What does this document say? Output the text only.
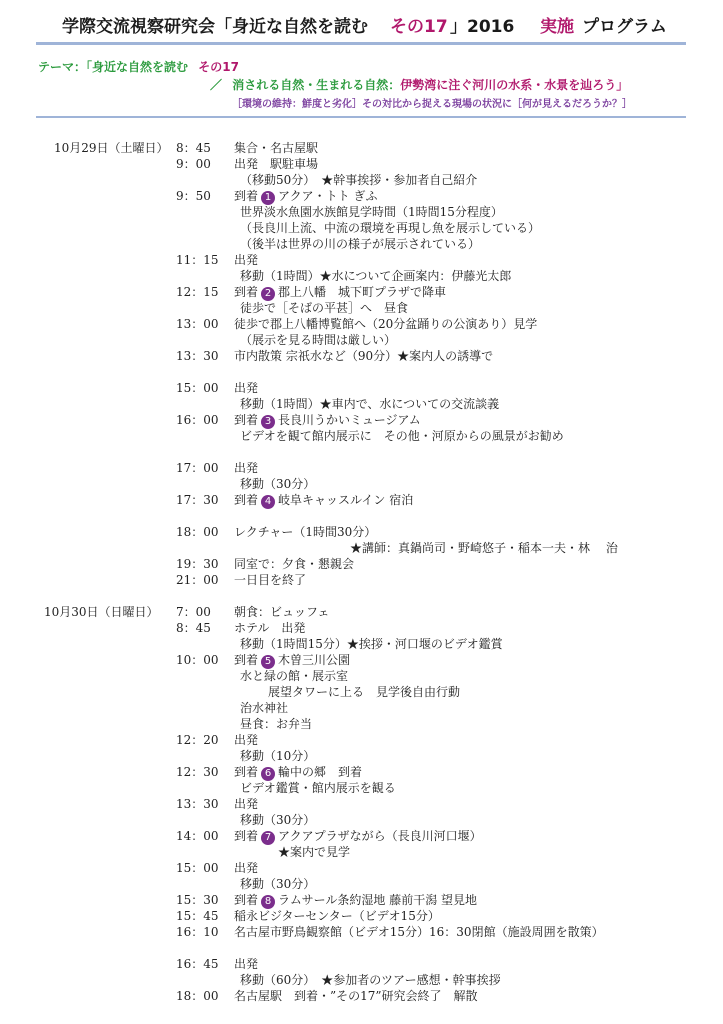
学際交流視察研究会「身近な自然を読む その17 」2016 実施 プログラム
テーマ：「身近な自然を読む その17
／ 消される自然・生まれる自然：伊勢湾に注ぐ河川の水系・水景を辿ろう」
［環境の維持：鮮度と劣化］その対比から捉える現場の状況に［何が見えるだろうか？］
10月29日（土曜日） 8：45 集合・名古屋駅
9：00 出発　駅駐車場
（移動50分）　★幹事挨拶・参加者自己紹介
9：50 到着 1 アクア・トト ぎふ
世界淡水魚園水族館見学時間（1時間15分程度）
（長良川上流、中流の環境を再現し魚を展示している）
（後半は世界の川の様子が展示されている）
11：15 出発
移動（1時間）★水について企画案内：伊藤光太郎
12：15 到着 2 郡上八幡　城下町プラザで降車
徒歩で［そばの平甚］へ　昼食
13：00 徒歩で郡上八幡博覧館へ（20分盆踊りの公演あり）見学
（展示を見る時間は厳しい）
13：30 市内散策 宗祇水など（90分）★案内人の誘導で
15：00 出発
移動（1時間）★車内で、水についての交流談義
16：00 到着 3 長良川うかいミュージアム
ビデオを観て館内展示に　その他・河原からの風景がお勧め
17：00 出発
移動（30分）
17：30 到着 4 岐阜キャッスルイン 宿泊
18：00 レクチャー（1時間30分）
★講師：真鍋尚司・野崎悠子・稲本一夫・林　 治
19：30 同室で：夕食・懇親会
21：00 一日目を終了
10月30日（日曜日） 7：00 朝食：ビュッフェ
8：45 ホテル　出発
移動（1時間15分）★挨拶・河口堰のビデオ鑑賞
10：00 到着 5 木曽三川公園
水と緑の館・展示室
展望タワーに上る　見学後自由行動
治水神社
昼食：お弁当
12：20 出発
移動（10分）
12：30 到着 6 輪中の郷　到着
ビデオ鑑賞・館内展示を観る
13：30 出発
移動（30分）
14：00 到着 7 アクアプラザながら（長良川河口堰）
★案内で見学
15：00 出発
移動（30分）
15：30 到着 8 ラムサール条約湿地 藤前干潟 望見地
15：45 稲永ビジターセンター（ビデオ15分）
16：10 名古屋市野鳥観察館（ビデオ15分）16：30閉館（施設周囲を散策）
16：45 出発
移動（60分）　★参加者のツアー感想・幹事挨拶
18：00 名古屋駅　到着・”その17”研究会終了　解散
